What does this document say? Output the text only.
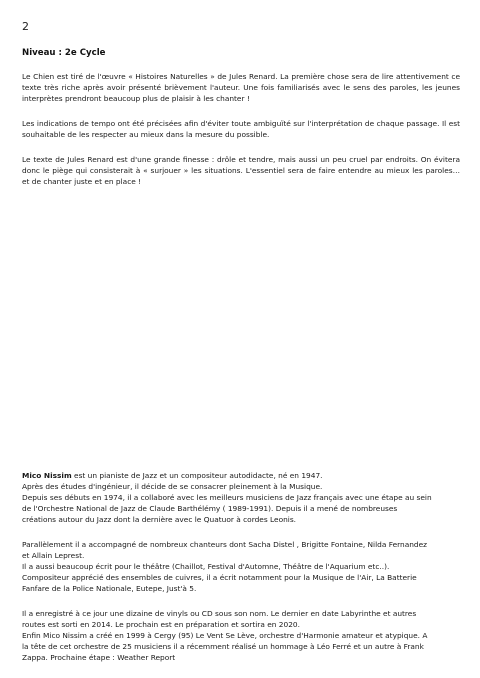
2
Niveau : 2e Cycle

Le Chien est tiré de l'œuvre « Histoires Naturelles » de Jules Renard. La première chose sera de lire attentivement ce texte très riche après avoir présenté brièvement l'auteur. Une fois familiarisés avec le sens des paroles, les jeunes interprètes prendront beaucoup plus de plaisir à les chanter !

Les indications de tempo ont été précisées afin d'éviter toute ambiguïté sur l'interprétation de chaque passage. Il est souhaitable de les respecter au mieux dans la mesure du possible.

Le texte de Jules Renard est d'une grande finesse : drôle et tendre, mais aussi un peu cruel par endroits. On évitera donc le piège qui consisterait à « surjouer » les situations. L'essentiel sera de faire entendre au mieux les paroles… et de chanter juste et en place !

Mico Nissim est un pianiste de Jazz et un compositeur autodidacte, né en 1947.
Après des études d'ingénieur, il décide de se consacrer pleinement à la Musique.
Depuis ses débuts en 1974, il a collaboré avec les meilleurs musiciens de Jazz français avec une étape au sein
de l'Orchestre National de Jazz de Claude Barthélémy ( 1989-1991). Depuis il a mené de nombreuses
créations autour du Jazz dont la dernière avec le Quatuor à cordes Leonis.

Parallèlement il a accompagné de nombreux chanteurs dont Sacha Distel , Brigitte Fontaine, Nilda Fernandez
et Allain Leprest.
Il a aussi beaucoup écrit pour le théâtre (Chaillot, Festival d'Automne, Théâtre de l'Aquarium etc..).
Compositeur apprécié des ensembles de cuivres, il a écrit notamment pour la Musique de l'Air, La Batterie
Fanfare de la Police Nationale, Eutepe, Just'à 5.

Il a enregistré à ce jour une dizaine de vinyls ou CD sous son nom. Le dernier en date Labyrinthe et autres
routes est sorti en 2014. Le prochain est en préparation et sortira en 2020.
Enfin Mico Nissim a créé en 1999 à Cergy (95) Le Vent Se Lève, orchestre d'Harmonie amateur et atypique. A
la tête de cet orchestre de 25 musiciens il a récemment réalisé un hommage à Léo Ferré et un autre à Frank
Zappa. Prochaine étape : Weather Report
